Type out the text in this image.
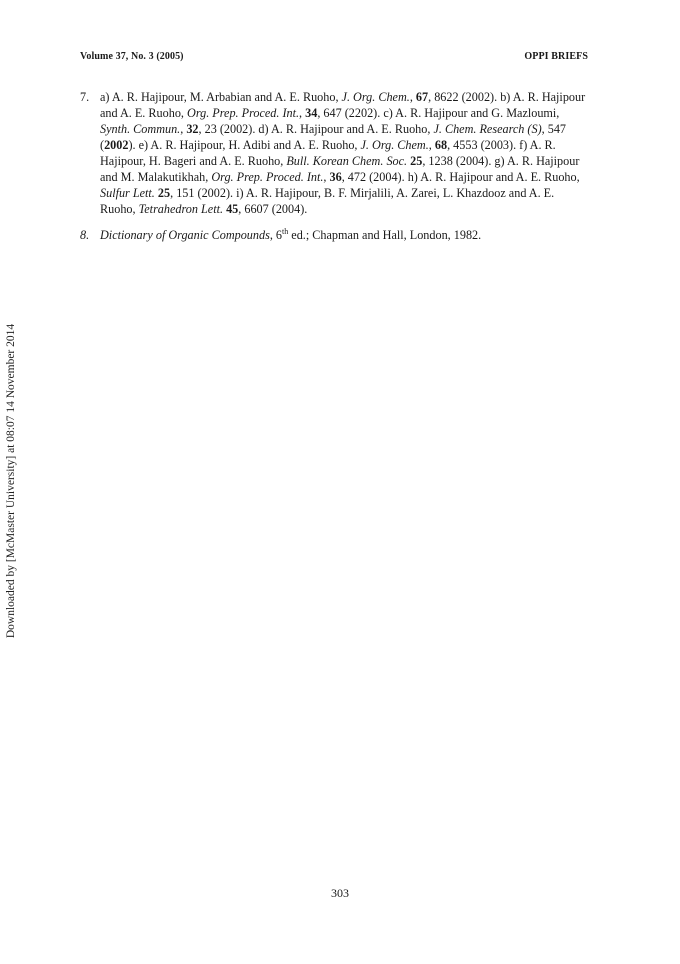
Downloaded by [McMaster University] at 08:07 14 November 2014
Volume 37, No. 3 (2005)	OPPI BRIEFS
7. a) A. R. Hajipour, M. Arbabian and A. E. Ruoho, J. Org. Chem., 67, 8622 (2002). b) A. R. Hajipour and A. E. Ruoho, Org. Prep. Proced. Int., 34, 647 (2202). c) A. R. Hajipour and G. Mazloumi, Synth. Commun., 32, 23 (2002). d) A. R. Hajipour and A. E. Ruoho, J. Chem. Research (S), 547 (2002). e) A. R. Hajipour, H. Adibi and A. E. Ruoho, J. Org. Chem., 68, 4553 (2003). f) A. R. Hajipour, H. Bageri and A. E. Ruoho, Bull. Korean Chem. Soc. 25, 1238 (2004). g) A. R. Hajipour and M. Malakutikhah, Org. Prep. Proced. Int., 36, 472 (2004). h) A. R. Hajipour and A. E. Ruoho, Sulfur Lett. 25, 151 (2002). i) A. R. Hajipour, B. F. Mirjalili, A. Zarei, L. Khazdooz and A. E. Ruoho, Tetrahedron Lett. 45, 6607 (2004).
8. Dictionary of Organic Compounds, 6th ed.; Chapman and Hall, London, 1982.
303
